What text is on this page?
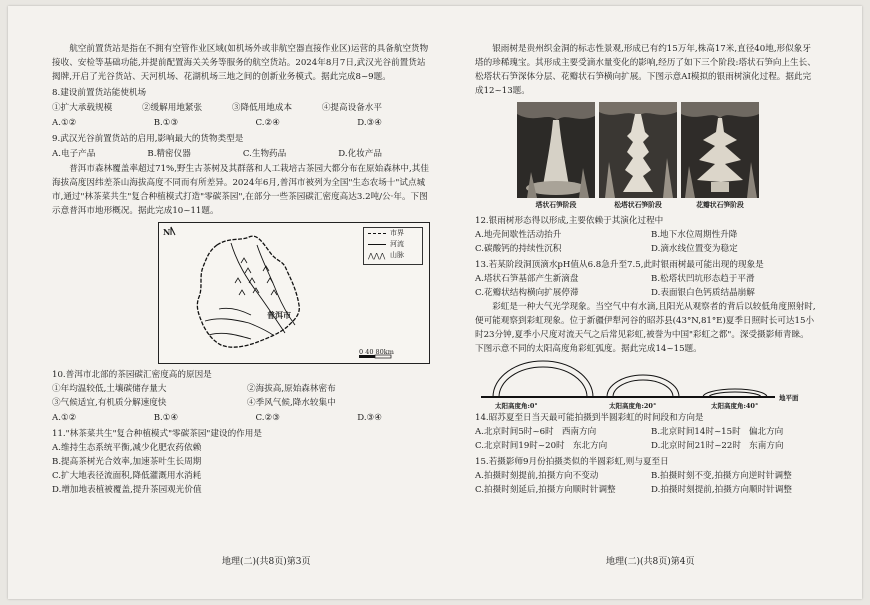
航空前置货站是指在不拥有空管作业区域(如机场外或非航空器直接作业区)运营的具备航空货物接收、安检等基础功能,并提前配置海关关务等服务的航空货站。2024年8月7日,武汉光谷前置货站揭牌,开启了光谷货站、天河机场、花湖机场三地之间的创新业务模式。据此完成8~9题。

8.建设前置货站能使机场

①扩大承载规模	②缓解用地紧张	③降低用地成本	④提高设备水平
A.①②	B.①③	C.②④	D.③④

9.武汉光谷前置货站的启用,影响最大的货物类型是

A.电子产品	B.精密仪器	C.生物药品	D.化妆产品

普洱市森林覆盖率超过71%,野生古茶树及其群落和人工栽培古茶园大都分布在原始森林中,其佳海拔高度因纬差茶山海拔高度不同而有所差异。2024年6月,普洱市被列为全国"生态农场十"试点城市,通过"林茶菜共生"复合种植模式打造"零碳茶园",在部分一些茶园碳汇密度高达3.2吨/公·年。下图示意普洱市地形概况。据此完成10~11题。

N	市界
河流
⋀⋀⋀ 山脉
普洱市
0 40 80km

10.普洱市北部的茶园碳汇密度高的原因是

①年均温较低,土壤碳储存量大	②海拔高,原始森林密布
③气候适宜,有机质分解速度快	④季风气候,降水较集中
A.①②	B.①④	C.②③	D.③④

11."林茶菜共生"复合种植模式"零碳茶园"建设的作用是

A.维持生态系统平衡,减少化肥农药依赖
B.提高茶树光合效率,加速茶叶生长周期
C.扩大地表径流面积,降低灌溉用水消耗
D.增加地表植被覆盖,提升茶园观光价值

银雨树是贵州织金洞的标志性景观,形成已有约15万年,株高17米,直径40地,形似象牙塔的珍稀瑰宝。其形成主要受滴水量变化的影响,经历了如下三个阶段:塔状石笋向上生长、松塔状石笋深体分层、花瓣状石笋横向扩展。下图示意AI模拟的银雨树演化过程。据此完成12~13题。

塔状石笋阶段	松塔状石笋阶段	花瓣状石笋阶段

12.银雨树形态得以形成,主要依赖于其演化过程中

A.地壳间歇性活动抬升	B.地下水位周期性升降
C.碳酸钙的持续性沉积	D.滴水线位置变为稳定

13.若某阶段洞顶滴水pH值从6.8急升至7.5,此时银雨树最可能出现的现象是

A.塔状石笋基部产生新滴盘	B.松塔状凹坑形态趋于平滑
C.花瓣状结构横向扩展停滞	D.表面银白色钙质结晶崩解

彩虹是一种大气光学现象。当空气中有水滴,且阳光从观察者的背后以较低角度照射时,便可能观察到彩虹现象。位于新疆伊犁河谷的昭苏县(43°N,81°E)夏季日照时长可达15小时23分钟,夏季小尺度对流天气之后常见彩虹,被誉为中国"彩虹之都"。深受摄影师青睐。下图示意不同的太阳高度角彩虹弧度。据此完成14~15题。

太阳高度角:0°	太阳高度角:20°	太阳高度角:40°
地平面

14.昭苏夏至日当天最可能拍摄到半圆彩虹的时间段和方向是

A.北京时间5时~6时 西南方向	B.北京时间14时~15时 偏北方向
C.北京时间19时~20时 东北方向	D.北京时间21时~22时 东南方向

15.若摄影师9月份拍摄类似的半圆彩虹,则与夏至日

A.拍摄时刻提前,拍摄方向不变动	B.拍摄时刻不变,拍摄方向逆时针调整
C.拍摄时刻延后,拍摄方向顺时针调整	D.拍摄时刻提前,拍摄方向顺时针调整
地理(二)(共8页)第3页	地理(二)(共8页)第4页
